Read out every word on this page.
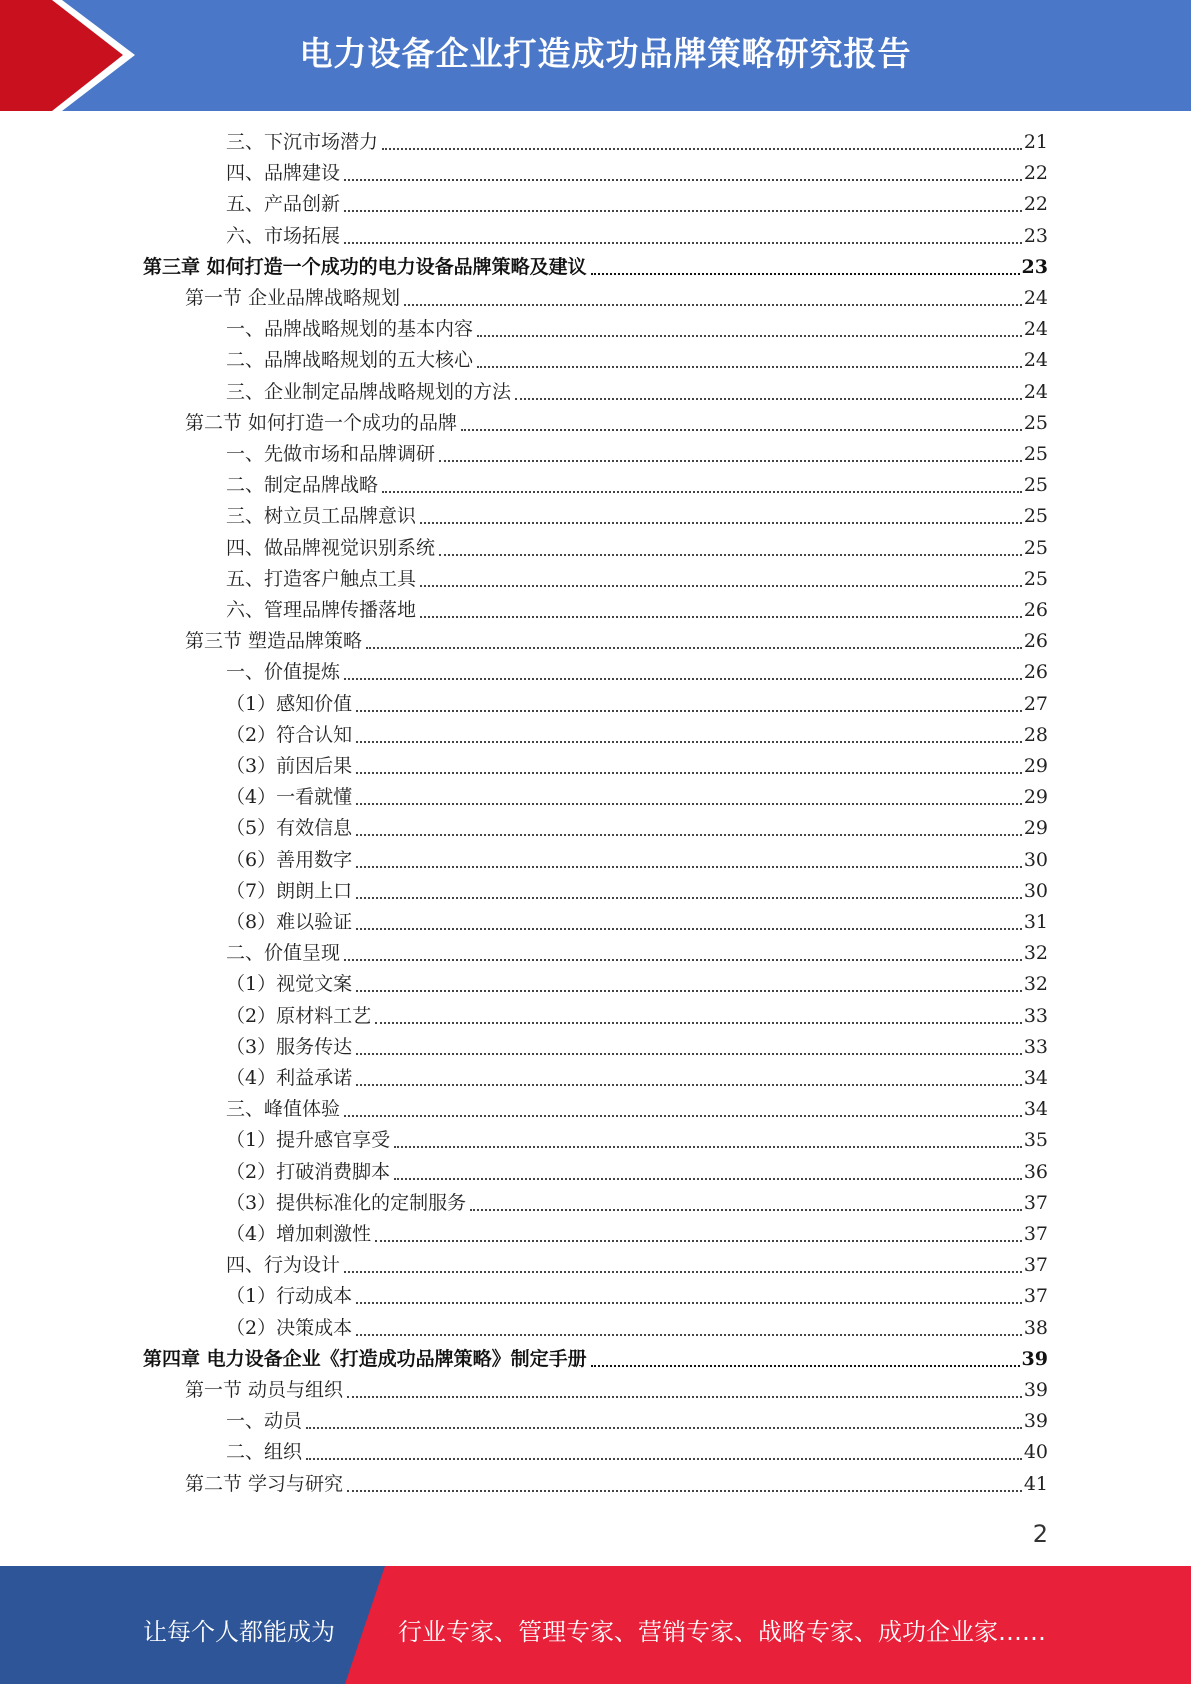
电力设备企业打造成功品牌策略研究报告
三、下沉市场潜力	21
四、品牌建设	22
五、产品创新	22
六、市场拓展	23
第三章 如何打造一个成功的电力设备品牌策略及建议	23
第一节 企业品牌战略规划	24
一、品牌战略规划的基本内容	24
二、品牌战略规划的五大核心	24
三、企业制定品牌战略规划的方法	24
第二节 如何打造一个成功的品牌	25
一、先做市场和品牌调研	25
二、制定品牌战略	25
三、树立员工品牌意识	25
四、做品牌视觉识别系统	25
五、打造客户触点工具	25
六、管理品牌传播落地	26
第三节 塑造品牌策略	26
一、价值提炼	26
（1）感知价值	27
（2）符合认知	28
（3）前因后果	29
（4）一看就懂	29
（5）有效信息	29
（6）善用数字	30
（7）朗朗上口	30
（8）难以验证	31
二、价值呈现	32
（1）视觉文案	32
（2）原材料工艺	33
（3）服务传达	33
（4）利益承诺	34
三、峰值体验	34
（1）提升感官享受	35
（2）打破消费脚本	36
（3）提供标准化的定制服务	37
（4）增加刺激性	37
四、行为设计	37
（1）行动成本	37
（2）决策成本	38
第四章 电力设备企业《打造成功品牌策略》制定手册	39
第一节 动员与组织	39
一、动员	39
二、组织	40
第二节 学习与研究	41
2
让每个人都能成为	行业专家、管理专家、营销专家、战略专家、成功企业家……
